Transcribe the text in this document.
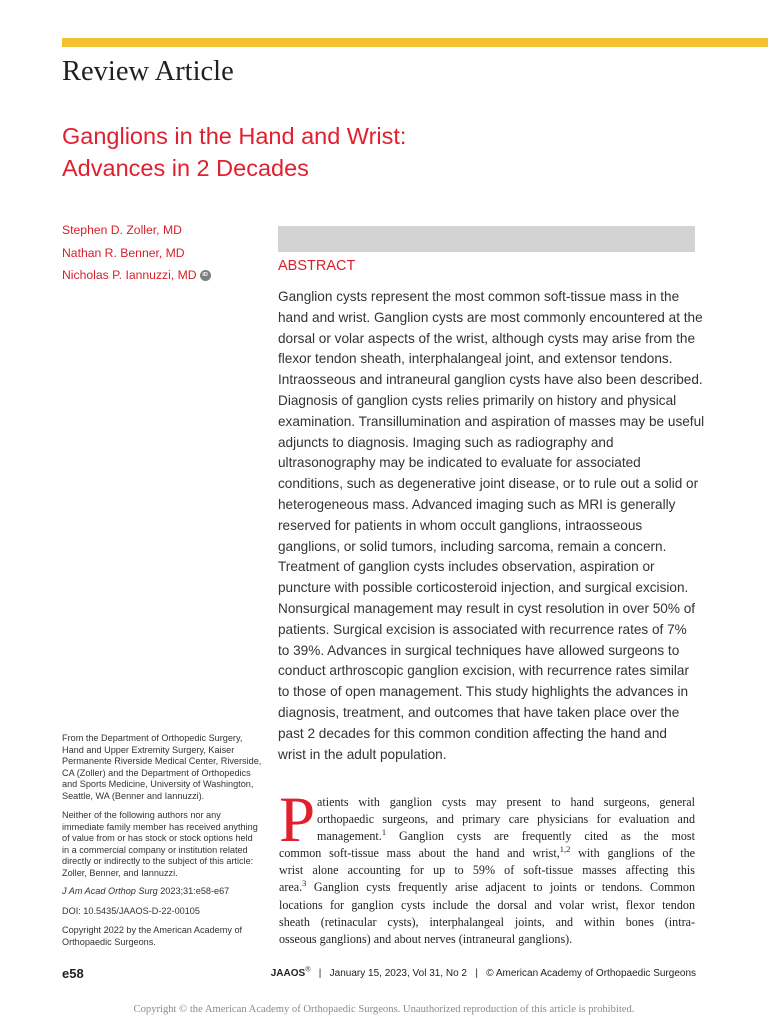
Review Article
Ganglions in the Hand and Wrist:
Advances in 2 Decades
Stephen D. Zoller, MD
Nathan R. Benner, MD
Nicholas P. Iannuzzi, MD iD
ABSTRACT
Ganglion cysts represent the most common soft-tissue mass in the
hand and wrist. Ganglion cysts are most commonly encountered at the
dorsal or volar aspects of the wrist, although cysts may arise from the
flexor tendon sheath, interphalangeal joint, and extensor tendons.
Intraosseous and intraneural ganglion cysts have also been described.
Diagnosis of ganglion cysts relies primarily on history and physical
examination. Transillumination and aspiration of masses may be useful
adjuncts to diagnosis. Imaging such as radiography and
ultrasonography may be indicated to evaluate for associated
conditions, such as degenerative joint disease, or to rule out a solid or
heterogeneous mass. Advanced imaging such as MRI is generally
reserved for patients in whom occult ganglions, intraosseous
ganglions, or solid tumors, including sarcoma, remain a concern.
Treatment of ganglion cysts includes observation, aspiration or
puncture with possible corticosteroid injection, and surgical excision.
Nonsurgical management may result in cyst resolution in over 50% of
patients. Surgical excision is associated with recurrence rates of 7%
to 39%. Advances in surgical techniques have allowed surgeons to
conduct arthroscopic ganglion excision, with recurrence rates similar
to those of open management. This study highlights the advances in
diagnosis, treatment, and outcomes that have taken place over the
past 2 decades for this common condition affecting the hand and
wrist in the adult population.
From the Department of Orthopedic Surgery,
Hand and Upper Extremity Surgery, Kaiser
Permanente Riverside Medical Center, Riverside,
CA (Zoller) and the Department of Orthopedics
and Sports Medicine, University of Washington,
Seattle, WA (Benner and Iannuzzi).
Neither of the following authors nor any
immediate family member has received anything
of value from or has stock or stock options held
in a commercial company or institution related
directly or indirectly to the subject of this article:
Zoller, Benner, and Iannuzzi.
J Am Acad Orthop Surg 2023;31:e58-e67
DOI: 10.5435/JAAOS-D-22-00105
Copyright 2022 by the American Academy of
Orthopaedic Surgeons.
P atients with ganglion cysts may present to hand surgeons, general
orthopaedic surgeons, and primary care physicians for evaluation and
management.$^1$ Ganglion cysts are frequently cited as the most
common soft-tissue mass about the hand and wrist,$^{1,2}$ with ganglions of the
wrist alone accounting for up to 59% of soft-tissue masses affecting this
area.$^3$ Ganglion cysts frequently arise adjacent to joints or tendons. Common
locations for ganglion cysts include the dorsal and volar wrist, flexor tendon
sheath (retinacular cysts), interphalangeal joints, and within bones (intra-
osseous ganglions) and about nerves (intraneural ganglions).
e58	JAAOS® | January 15, 2023, Vol 31, No 2 | © American Academy of Orthopaedic Surgeons
Copyright © the American Academy of Orthopaedic Surgeons. Unauthorized reproduction of this article is prohibited.
